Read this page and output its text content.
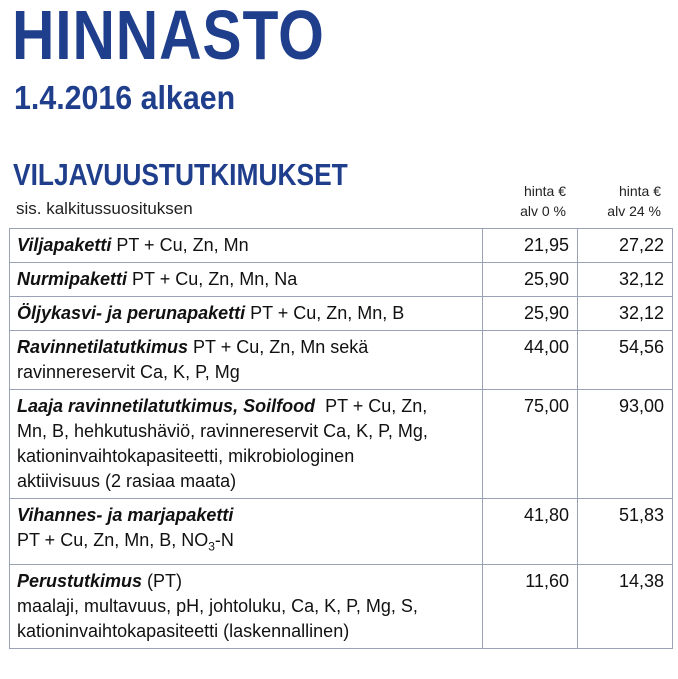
HINNASTO
1.4.2016 alkaen
VILJAVUUSTUTKIMUKSET
sis. kalkitussuosituksen
hinta €
alv 0 %
hinta €
alv 24 %
Viljapaketti PT + Cu, Zn, Mn	21,95	27,22
Nurmipaketti PT + Cu, Zn, Mn, Na	25,90	32,12
Öljykasvi- ja perunapaketti PT + Cu, Zn, Mn, B	25,90	32,12
Ravinnetilatutkimus PT + Cu, Zn, Mn sekä
ravinnereservit Ca, K, P, Mg	44,00	54,56
Laaja ravinnetilatutkimus, Soilfood  PT + Cu, Zn,
Mn, B, hehkutushäviö, ravinnereservit Ca, K, P, Mg,
kationinvaihtokapasiteetti, mikrobiologinen
aktiivisuus (2 rasiaa maata)	75,00	93,00

Vihannes- ja marjapaketti
PT + Cu, Zn, Mn, B, $NO_3-N$	41,80	51,83
Perustutkimus (PT)
maalaji, multavuus, pH, johtoluku, Ca, K, P, Mg, S,
kationinvaihtokapasiteetti (laskennallinen)	11,60	14,38
